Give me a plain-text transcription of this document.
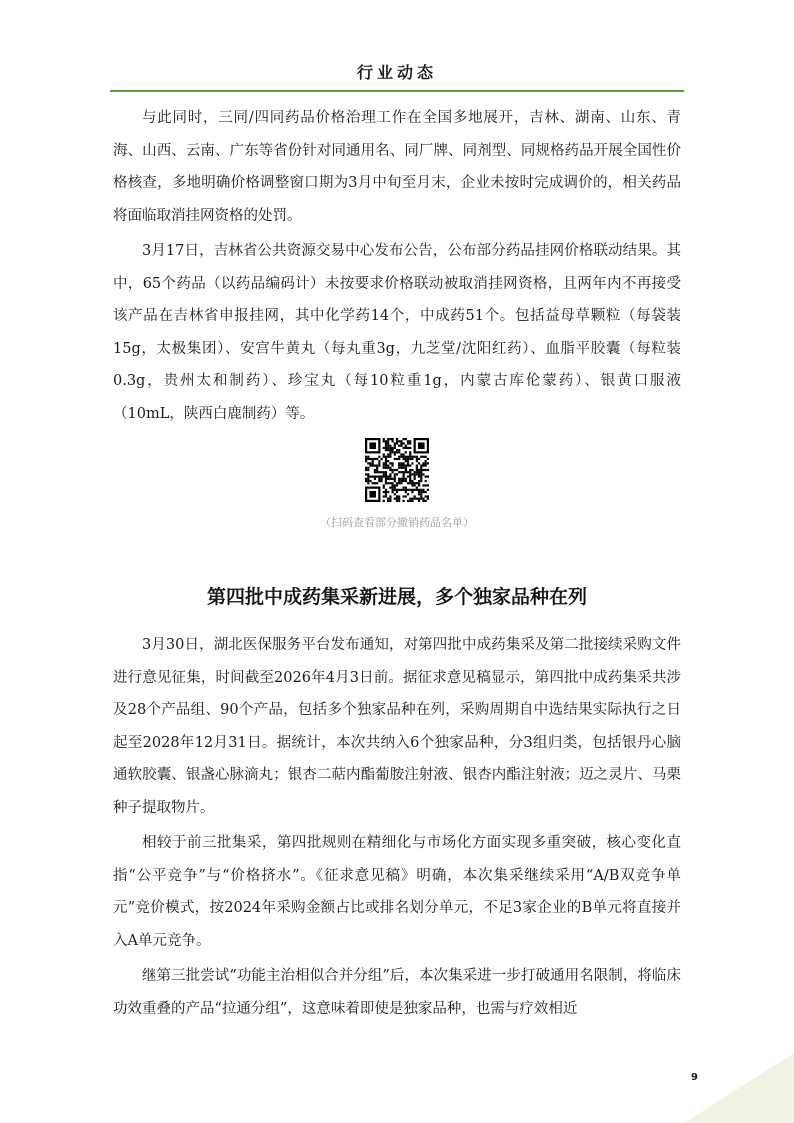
行业动态

与此同时，三同/四同药品价格治理工作在全国多地展开，吉林、湖南、山东、青海、山西、云南、广东等省份针对同通用名、同厂牌、同剂型、同规格药品开展全国性价格核查，多地明确价格调整窗口期为3月中旬至月末，企业未按时完成调价的，相关药品将面临取消挂网资格的处罚。

3月17日，吉林省公共资源交易中心发布公告，公布部分药品挂网价格联动结果。其中，65个药品（以药品编码计）未按要求价格联动被取消挂网资格，且两年内不再接受该产品在吉林省申报挂网，其中化学药14个，中成药51个。包括益母草颗粒（每袋装15g，太极集团）、安宫牛黄丸（每丸重3g，九芝堂/沈阳红药）、血脂平胶囊（每粒装0.3g，贵州太和制药）、珍宝丸（每10粒重1g，内蒙古库伦蒙药）、银黄口服液（10mL，陕西白鹿制药）等。

（扫码查看部分撤销药品名单）
第四批中成药集采新进展，多个独家品种在列

3月30日，湖北医保服务平台发布通知，对第四批中成药集采及第二批接续采购文件进行意见征集，时间截至2026年4月3日前。据征求意见稿显示，第四批中成药集采共涉及28个产品组、90个产品，包括多个独家品种在列，采购周期自中选结果实际执行之日起至2028年12月31日。据统计，本次共纳入6个独家品种，分3组归类，包括银丹心脑通软胶囊、银盏心脉滴丸；银杏二萜内酯葡胺注射液、银杏内酯注射液；迈之灵片、马栗种子提取物片。

相较于前三批集采，第四批规则在精细化与市场化方面实现多重突破，核心变化直指“公平竞争”与“价格挤水”。《征求意见稿》明确，本次集采继续采用“A/B双竞争单元”竞价模式，按2024年采购金额占比或排名划分单元，不足3家企业的B单元将直接并入A单元竞争。

继第三批尝试“功能主治相似合并分组”后，本次集采进一步打破通用名限制，将临床功效重叠的产品“拉通分组”，这意味着即使是独家品种，也需与疗效相近

9
